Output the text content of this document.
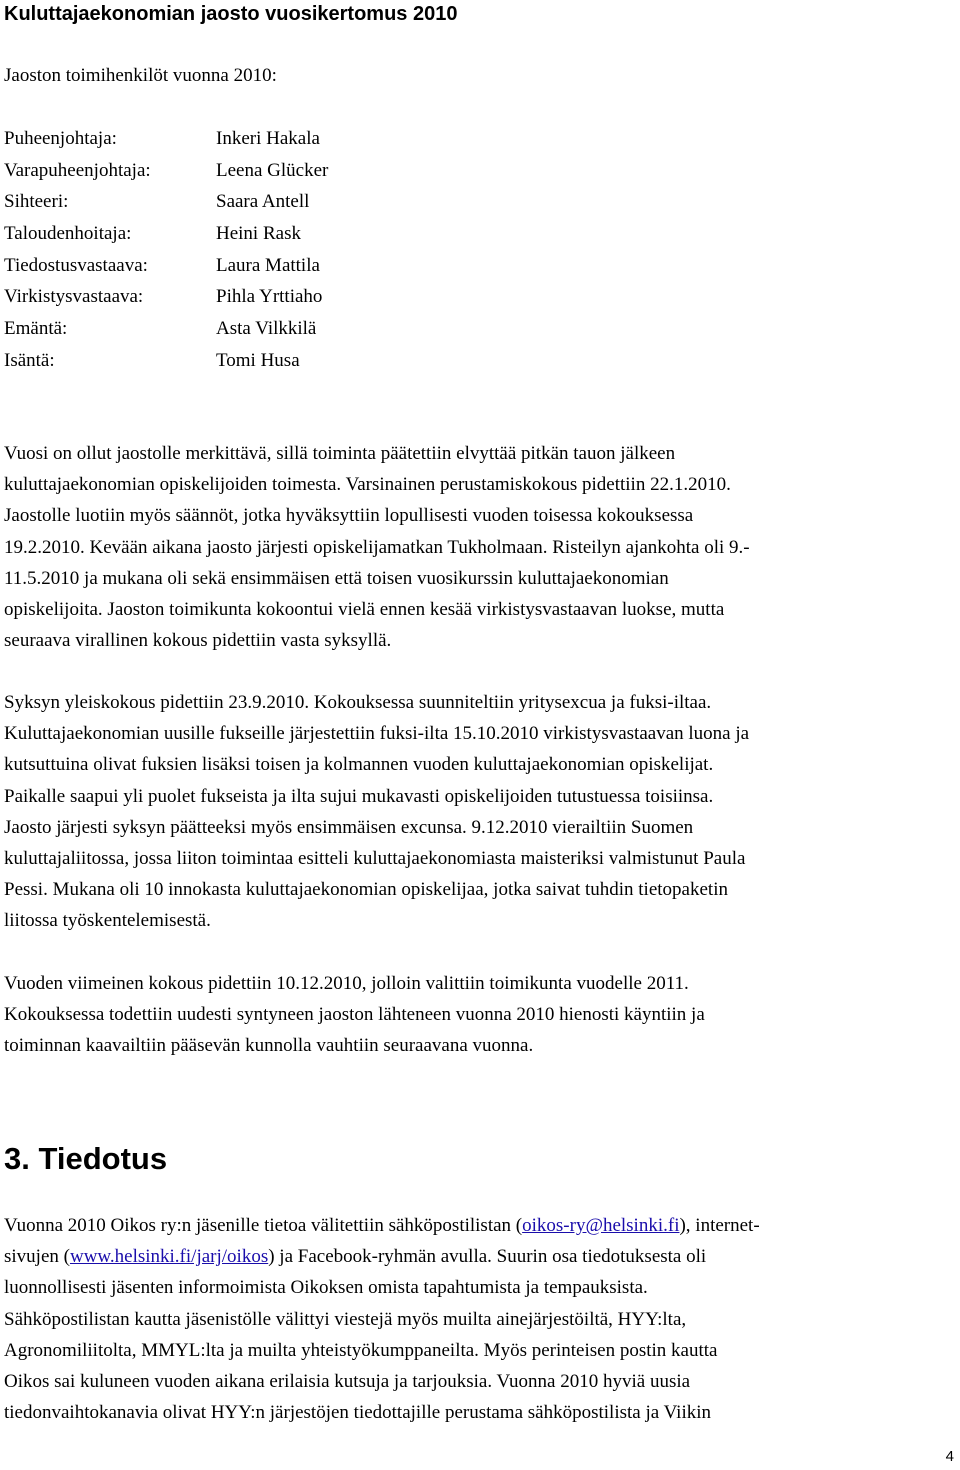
Kuluttajaekonomian jaosto vuosikertomus 2010
Jaoston toimihenkilöt vuonna 2010:
Puheenjohtaja:	Inkeri Hakala
Varapuheenjohtaja:	Leena Glücker
Sihteeri:	Saara Antell
Taloudenhoitaja:	Heini Rask
Tiedostusvastaava:	Laura Mattila
Virkistysvastaava:	Pihla Yrttiaho
Emäntä:	Asta Vilkkilä
Isäntä:	Tomi Husa
Vuosi on ollut jaostolle merkittävä, sillä toiminta päätettiin elvyttää pitkän tauon jälkeen
kuluttajaekonomian opiskelijoiden toimesta. Varsinainen perustamiskokous pidettiin 22.1.2010.
Jaostolle luotiin myös säännöt, jotka hyväksyttiin lopullisesti vuoden toisessa kokouksessa
19.2.2010. Kevään aikana jaosto järjesti opiskelijamatkan Tukholmaan. Risteilyn ajankohta oli 9.-
11.5.2010 ja mukana oli sekä ensimmäisen että toisen vuosikurssin kuluttajaekonomian
opiskelijoita. Jaoston toimikunta kokoontui vielä ennen kesää virkistysvastaavan luokse, mutta
seuraava virallinen kokous pidettiin vasta syksyllä.
Syksyn yleiskokous pidettiin 23.9.2010. Kokouksessa suunniteltiin yritysexcua ja fuksi-iltaa.
Kuluttajaekonomian uusille fukseille järjestettiin fuksi-ilta 15.10.2010 virkistysvastaavan luona ja
kutsuttuina olivat fuksien lisäksi toisen ja kolmannen vuoden kuluttajaekonomian opiskelijat.
Paikalle saapui yli puolet fukseista ja ilta sujui mukavasti opiskelijoiden tutustuessa toisiinsa.
Jaosto järjesti syksyn päätteeksi myös ensimmäisen excunsa. 9.12.2010 vierailtiin Suomen
kuluttajaliitossa, jossa liiton toimintaa esitteli kuluttajaekonomiasta maisteriksi valmistunut Paula
Pessi. Mukana oli 10 innokasta kuluttajaekonomian opiskelijaa, jotka saivat tuhdin tietopaketin
liitossa työskentelemisestä.
Vuoden viimeinen kokous pidettiin 10.12.2010, jolloin valittiin toimikunta vuodelle 2011.
Kokouksessa todettiin uudesti syntyneen jaoston lähteneen vuonna 2010 hienosti käyntiin ja
toiminnan kaavailtiin pääsevän kunnolla vauhtiin seuraavana vuonna.
3. Tiedotus
Vuonna 2010 Oikos ry:n jäsenille tietoa välitettiin sähköpostilistan (oikos-ry@helsinki.fi), internet-
sivujen (www.helsinki.fi/jarj/oikos) ja Facebook-ryhmän avulla. Suurin osa tiedotuksesta oli
luonnollisesti jäsenten informoimista Oikoksen omista tapahtumista ja tempauksista.
Sähköpostilistan kautta jäsenistölle välittyi viestejä myös muilta ainejärjestöiltä, HYY:lta,
Agronomiliitolta, MMYL:lta ja muilta yhteistyökumppaneilta. Myös perinteisen postin kautta
Oikos sai kuluneen vuoden aikana erilaisia kutsuja ja tarjouksia. Vuonna 2010 hyviä uusia
tiedonvaihtokanavia olivat HYY:n järjestöjen tiedottajille perustama sähköpostilista ja Viikin
4
